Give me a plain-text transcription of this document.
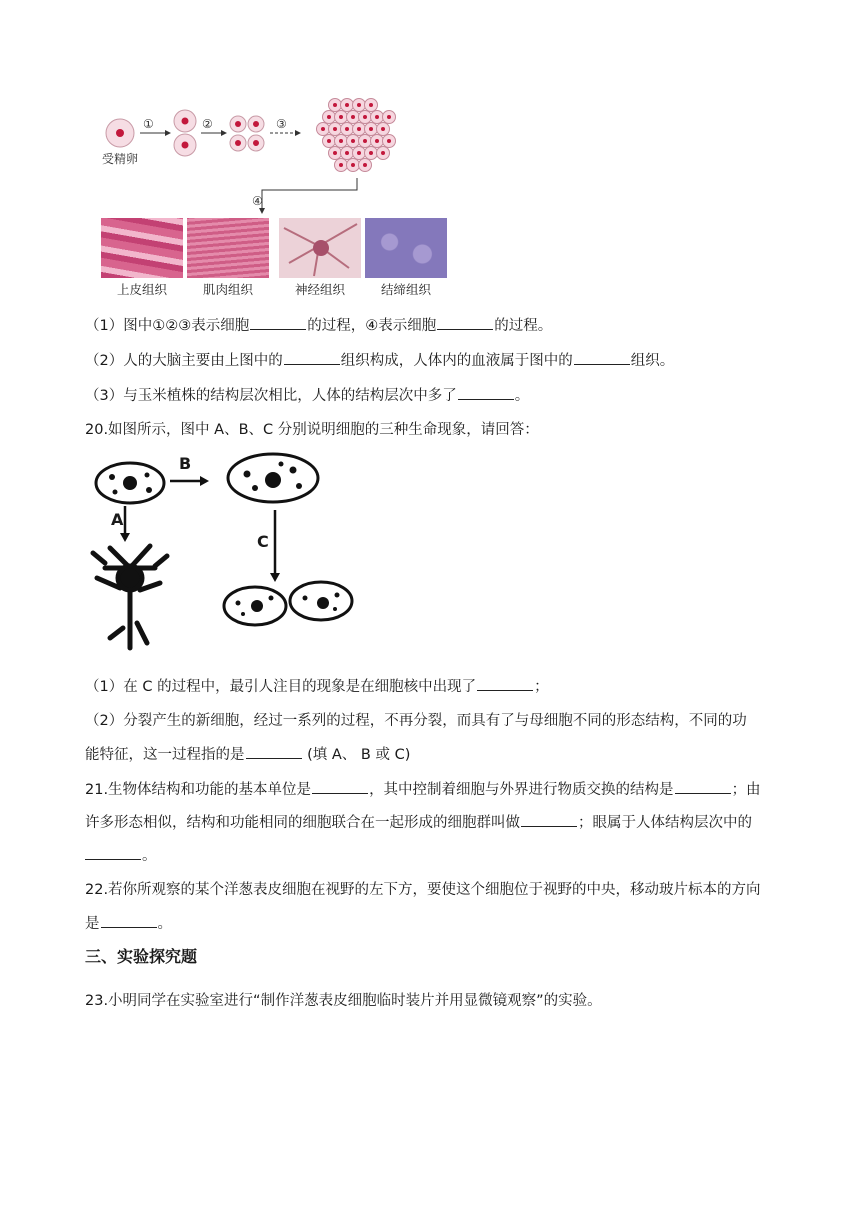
①	②	③
④
受精卵
上皮组织	肌肉组织	神经组织	结缔组织
（1）图中①②③表示细胞	的过程，④表示细胞	的过程。
（2）人的大脑主要由上图中的	组织构成，人体内的血液属于图中的	组织。
（3）与玉米植株的结构层次相比，人体的结构层次中多了	。
20.如图所示，图中 A、B、C 分别说明细胞的三种生命现象，请回答：
B
A
C
（1）在 C 的过程中，最引人注目的现象是在细胞核中出现了	；
（2）分裂产生的新细胞，经过一系列的过程，不再分裂，而具有了与母细胞不同的形态结构，不同的功
能特征，这一过程指的是	(填 A、 B 或 C)
21.生物体结构和功能的基本单位是	，其中控制着细胞与外界进行物质交换的结构是	；由
许多形态相似，结构和功能相同的细胞联合在一起形成的细胞群叫做	；眼属于人体结构层次中的
。
22.若你所观察的某个洋葱表皮细胞在视野的左下方，要使这个细胞位于视野的中央，移动玻片标本的方向
是	。
三、实验探究题
23.小明同学在实验室进行“制作洋葱表皮细胞临时装片并用显微镜观察”的实验。
